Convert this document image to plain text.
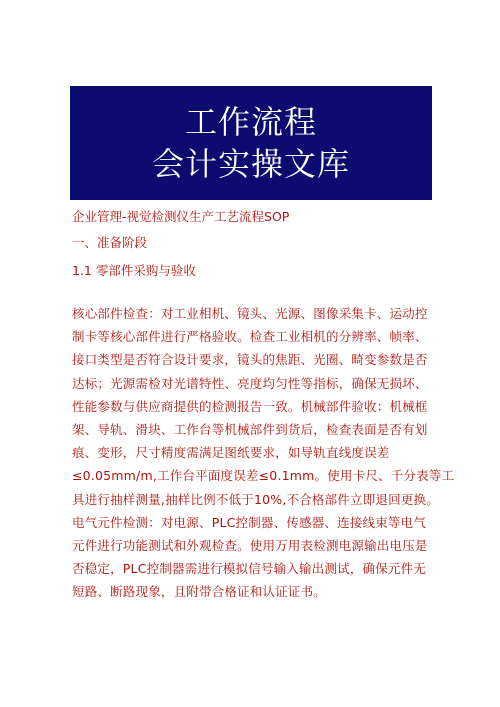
工作流程
会计实操文库
企业管理-视觉检测仪生产工艺流程SOP
一、准备阶段
1.1 零部件采购与验收

核心部件检查：对工业相机、镜头、光源、图像采集卡、运动控

制卡等核心部件进行严格验收。检查工业相机的分辨率、帧率、

接口类型是否符合设计要求，镜头的焦距、光圈、畸变参数是否

达标；光源需检对光谱特性、亮度均匀性等指标，确保无损坏、

性能参数与供应商提供的检测报告一致。机械部件验收：机械框

架、导轨、滑块、工作台等机械部件到货后，检查表面是否有划

痕、变形，尺寸精度需满足图纸要求，如导轨直线度误差

≤0.05mm/m,工作台平面度误差≤0.1mm。使用卡尺、千分表等工

具进行抽样测量,抽样比例不低于10%,不合格部件立即退回更换。

电气元件检测：对电源、PLC控制器、传感器、连接线束等电气

元件进行功能测试和外观检查。使用万用表检测电源输出电压是

否稳定，PLC控制器需进行模拟信号输入输出测试，确保元件无

短路、断路现象，且附带合格证和认证证书。
